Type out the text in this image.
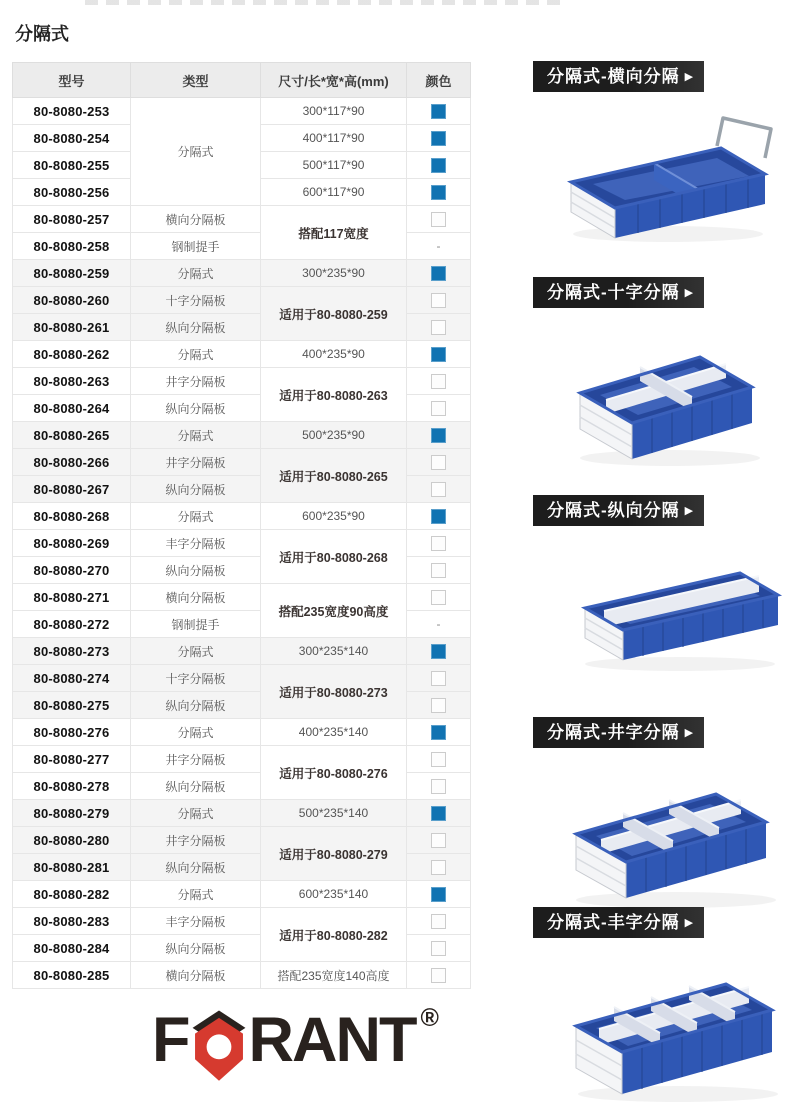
分隔式
型号	类型	尺寸/长*宽*高(mm)	颜色
80-8080-253	分隔式	300*117*90	
80-8080-254		400*117*90	
80-8080-255		500*117*90	
80-8080-256		600*117*90	
80-8080-257	横向分隔板	搭配117宽度	
80-8080-258	钢制提手		-
80-8080-259	分隔式	300*235*90	
80-8080-260	十字分隔板	适用于80-8080-259	
80-8080-261	纵向分隔板		
80-8080-262	分隔式	400*235*90	
80-8080-263	井字分隔板	适用于80-8080-263	
80-8080-264	纵向分隔板		
80-8080-265	分隔式	500*235*90	
80-8080-266	井字分隔板	适用于80-8080-265	
80-8080-267	纵向分隔板		
80-8080-268	分隔式	600*235*90	
80-8080-269	丰字分隔板	适用于80-8080-268	
80-8080-270	纵向分隔板		
80-8080-271	横向分隔板	搭配235宽度90高度	
80-8080-272	钢制提手		-
80-8080-273	分隔式	300*235*140	
80-8080-274	十字分隔板	适用于80-8080-273	
80-8080-275	纵向分隔板		
80-8080-276	分隔式	400*235*140	
80-8080-277	井字分隔板	适用于80-8080-276	
80-8080-278	纵向分隔板		
80-8080-279	分隔式	500*235*140	
80-8080-280	井字分隔板	适用于80-8080-279	
80-8080-281	纵向分隔板		
80-8080-282	分隔式	600*235*140	
80-8080-283	丰字分隔板	适用于80-8080-282	
80-8080-284	纵向分隔板		
80-8080-285	横向分隔板	搭配235宽度140高度	
分隔式-横向分隔 ▶
分隔式-十字分隔 ▶
分隔式-纵向分隔 ▶
分隔式-井字分隔 ▶
分隔式-丰字分隔 ▶
F RANT ®
